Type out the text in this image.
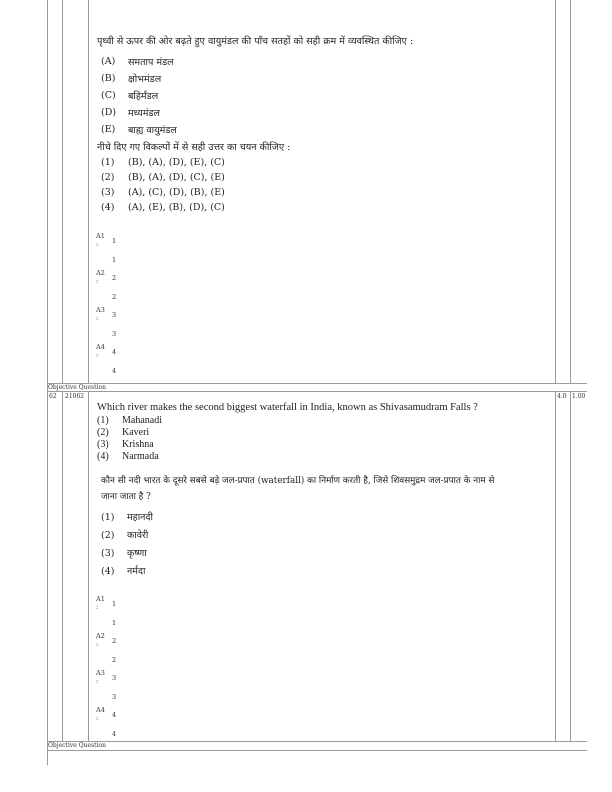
पृथ्वी से ऊपर की ओर बढ़ते हुए वायुमंडल की पाँच सतहों को सही क्रम में व्यवस्थित कीजिए :
(A) समताप मंडल
(B) क्षोभमंडल
(C) बहिर्मंडल
(D) मध्यमंडल
(E) बाह्य वायुमंडल
नीचे दिए गए विकल्पों में से सही उत्तर का चयन कीजिए :
(1) (B), (A), (D), (E), (C)
(2) (B), (A), (D), (C), (E)
(3) (A), (C), (D), (B), (E)
(4) (A), (E), (B), (D), (C)
A1
: 1
1
A2
: 2
2
A3
: 3
3
A4
: 4
4
Objective Question
62 21062	4.0 1.00
Which river makes the second biggest waterfall in India, known as Shivasamudram Falls ?
(1) Mahanadi
(2) Kaveri
(3) Krishna
(4) Narmada
कौन सी नदी भारत के दूसरे सबसे बड़े जल-प्रपात (waterfall) का निर्माण करती है, जिसे शिवसमुद्रम जल-प्रपात के नाम से
जाना जाता है ?
(1) महानदी
(2) कावेरी
(3) कृष्णा
(4) नर्मदा
A1
: 1
1
A2
: 2
2
A3
: 3
3
A4
: 4
4
Objective Question
